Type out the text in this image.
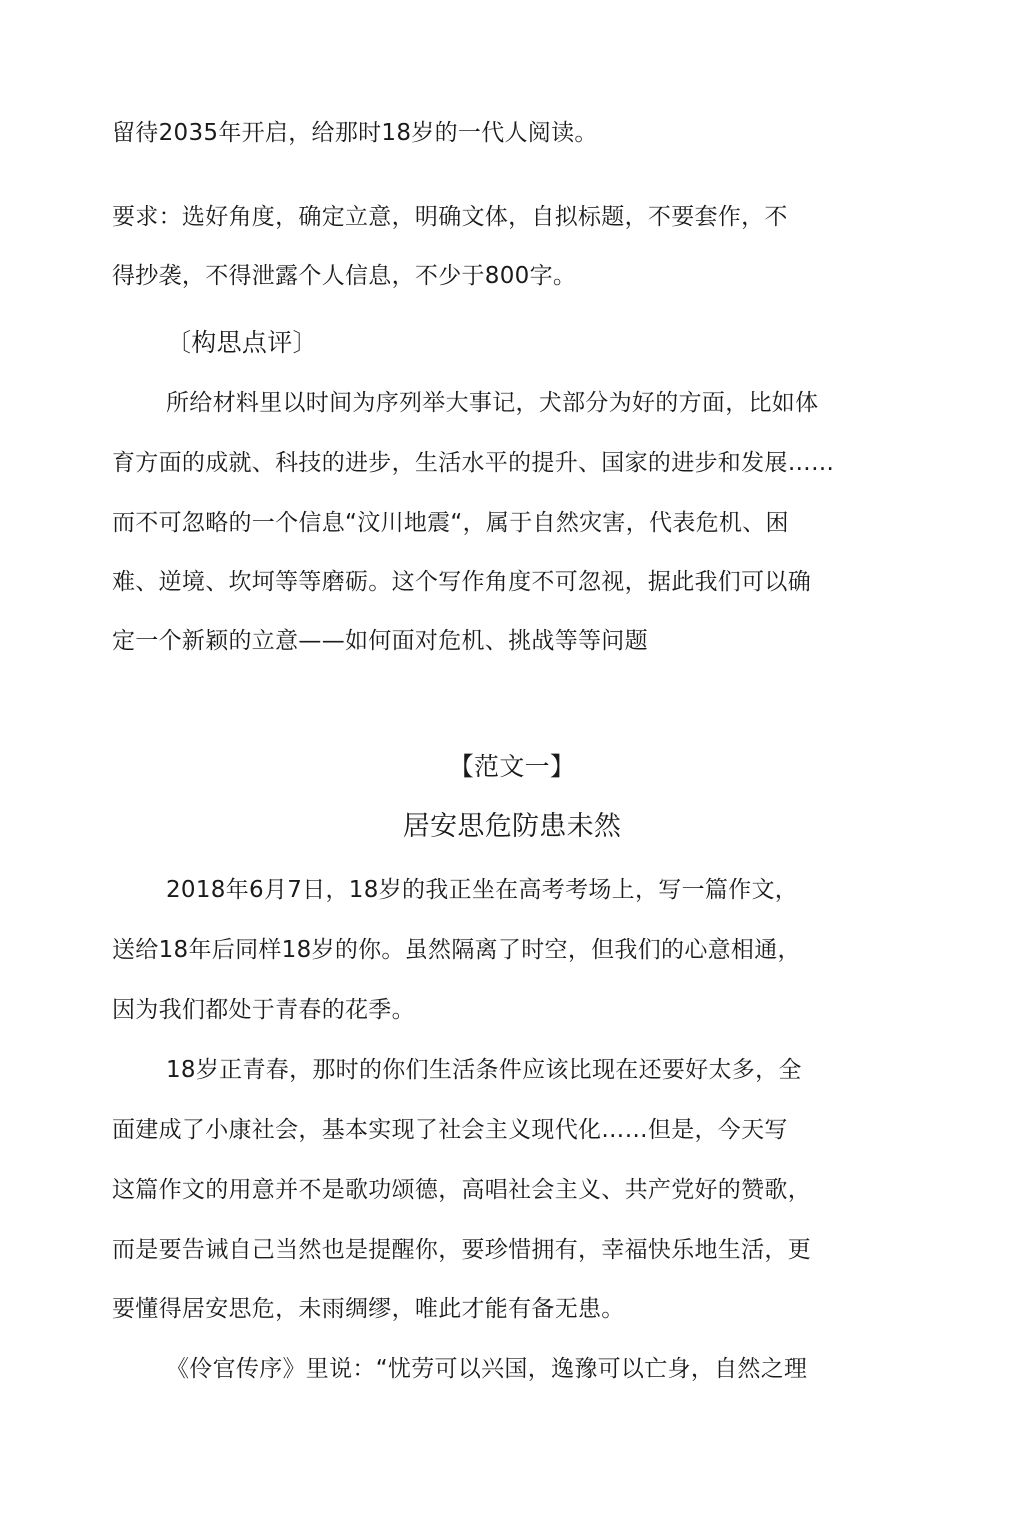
留待2035年开启，给那时18岁的一代人阅读。
要求：选好角度，确定立意，明确文体，自拟标题，不要套作，不
得抄袭，不得泄露个人信息，不少于800字。
〔构思点评〕
所给材料里以时间为序列举大事记，犬部分为好的方面，比如体
育方面的成就、科技的进步，生活水平的提升、国家的进步和发展……
而不可忽略的一个信息“汶川地震“，属于自然灾害，代表危机、困
难、逆境、坎坷等等磨砺。这个写作角度不可忽视，据此我们可以确
定一个新颖的立意——如何面对危机、挑战等等问题
【范文一】
居安思危防患未然
2018年6月7日，18岁的我正坐在高考考场上，写一篇作文，
送给18年后同样18岁的你。虽然隔离了时空，但我们的心意相通，
因为我们都处于青春的花季。
18岁正青春，那时的你们生活条件应该比现在还要好太多，全
面建成了小康社会，基本实现了社会主义现代化……但是，今天写
这篇作文的用意并不是歌功颂德，高唱社会主义、共产党好的赞歌，
而是要告诫自己当然也是提醒你，要珍惜拥有，幸福快乐地生活，更
要懂得居安思危，未雨绸缪，唯此才能有备无患。
《伶官传序》里说：“忧劳可以兴国，逸豫可以亡身，自然之理
